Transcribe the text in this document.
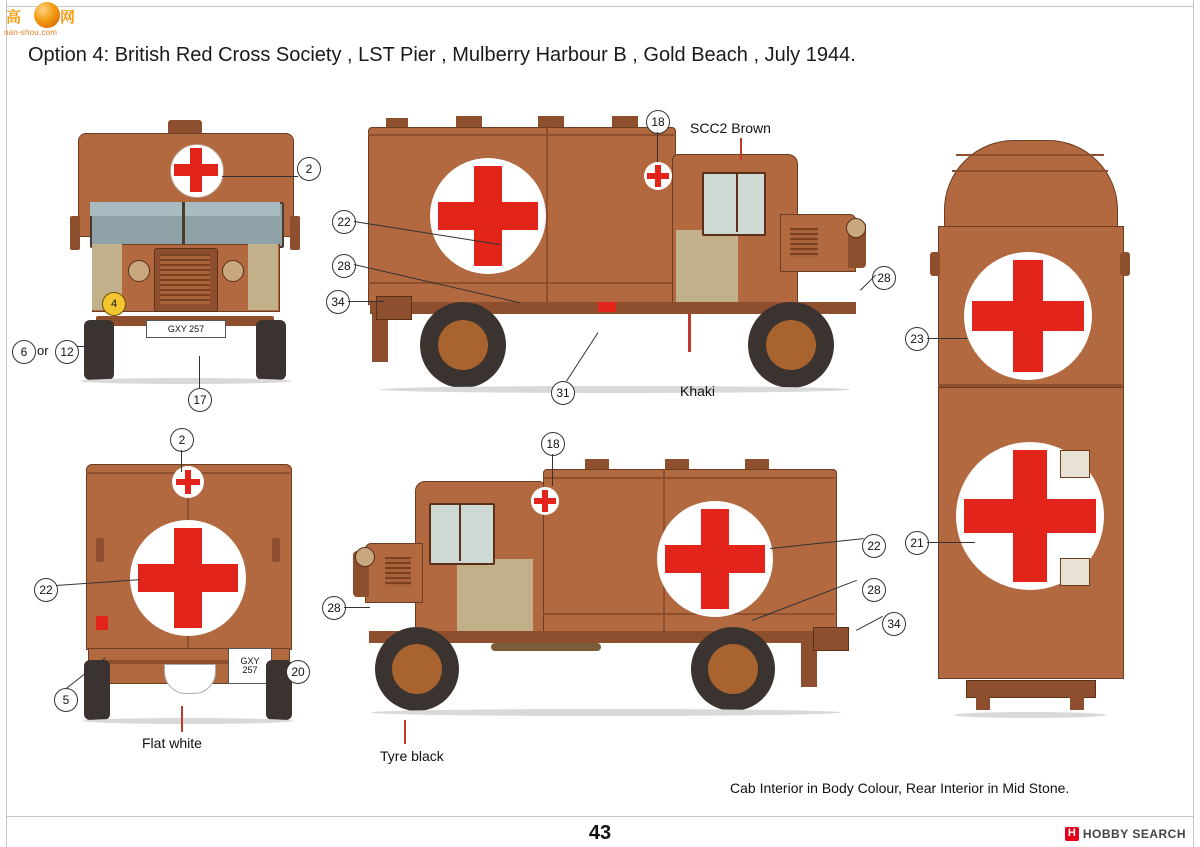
高	网
nan-shou.com
Option 4: British Red Cross Society , LST Pier , Mulberry Harbour B , Gold Beach , July 1944.
4
GXY 257
2
6 or 12
17
18 SCC2 Brown
22
28
34
31
28
Khaki
23
21
GXY
257
2
22
5
20
Flat white
18
28
22
28
34
Tyre black
Cab Interior in Body Colour, Rear Interior in Mid Stone.
43 H	HOBBY SEARCH
